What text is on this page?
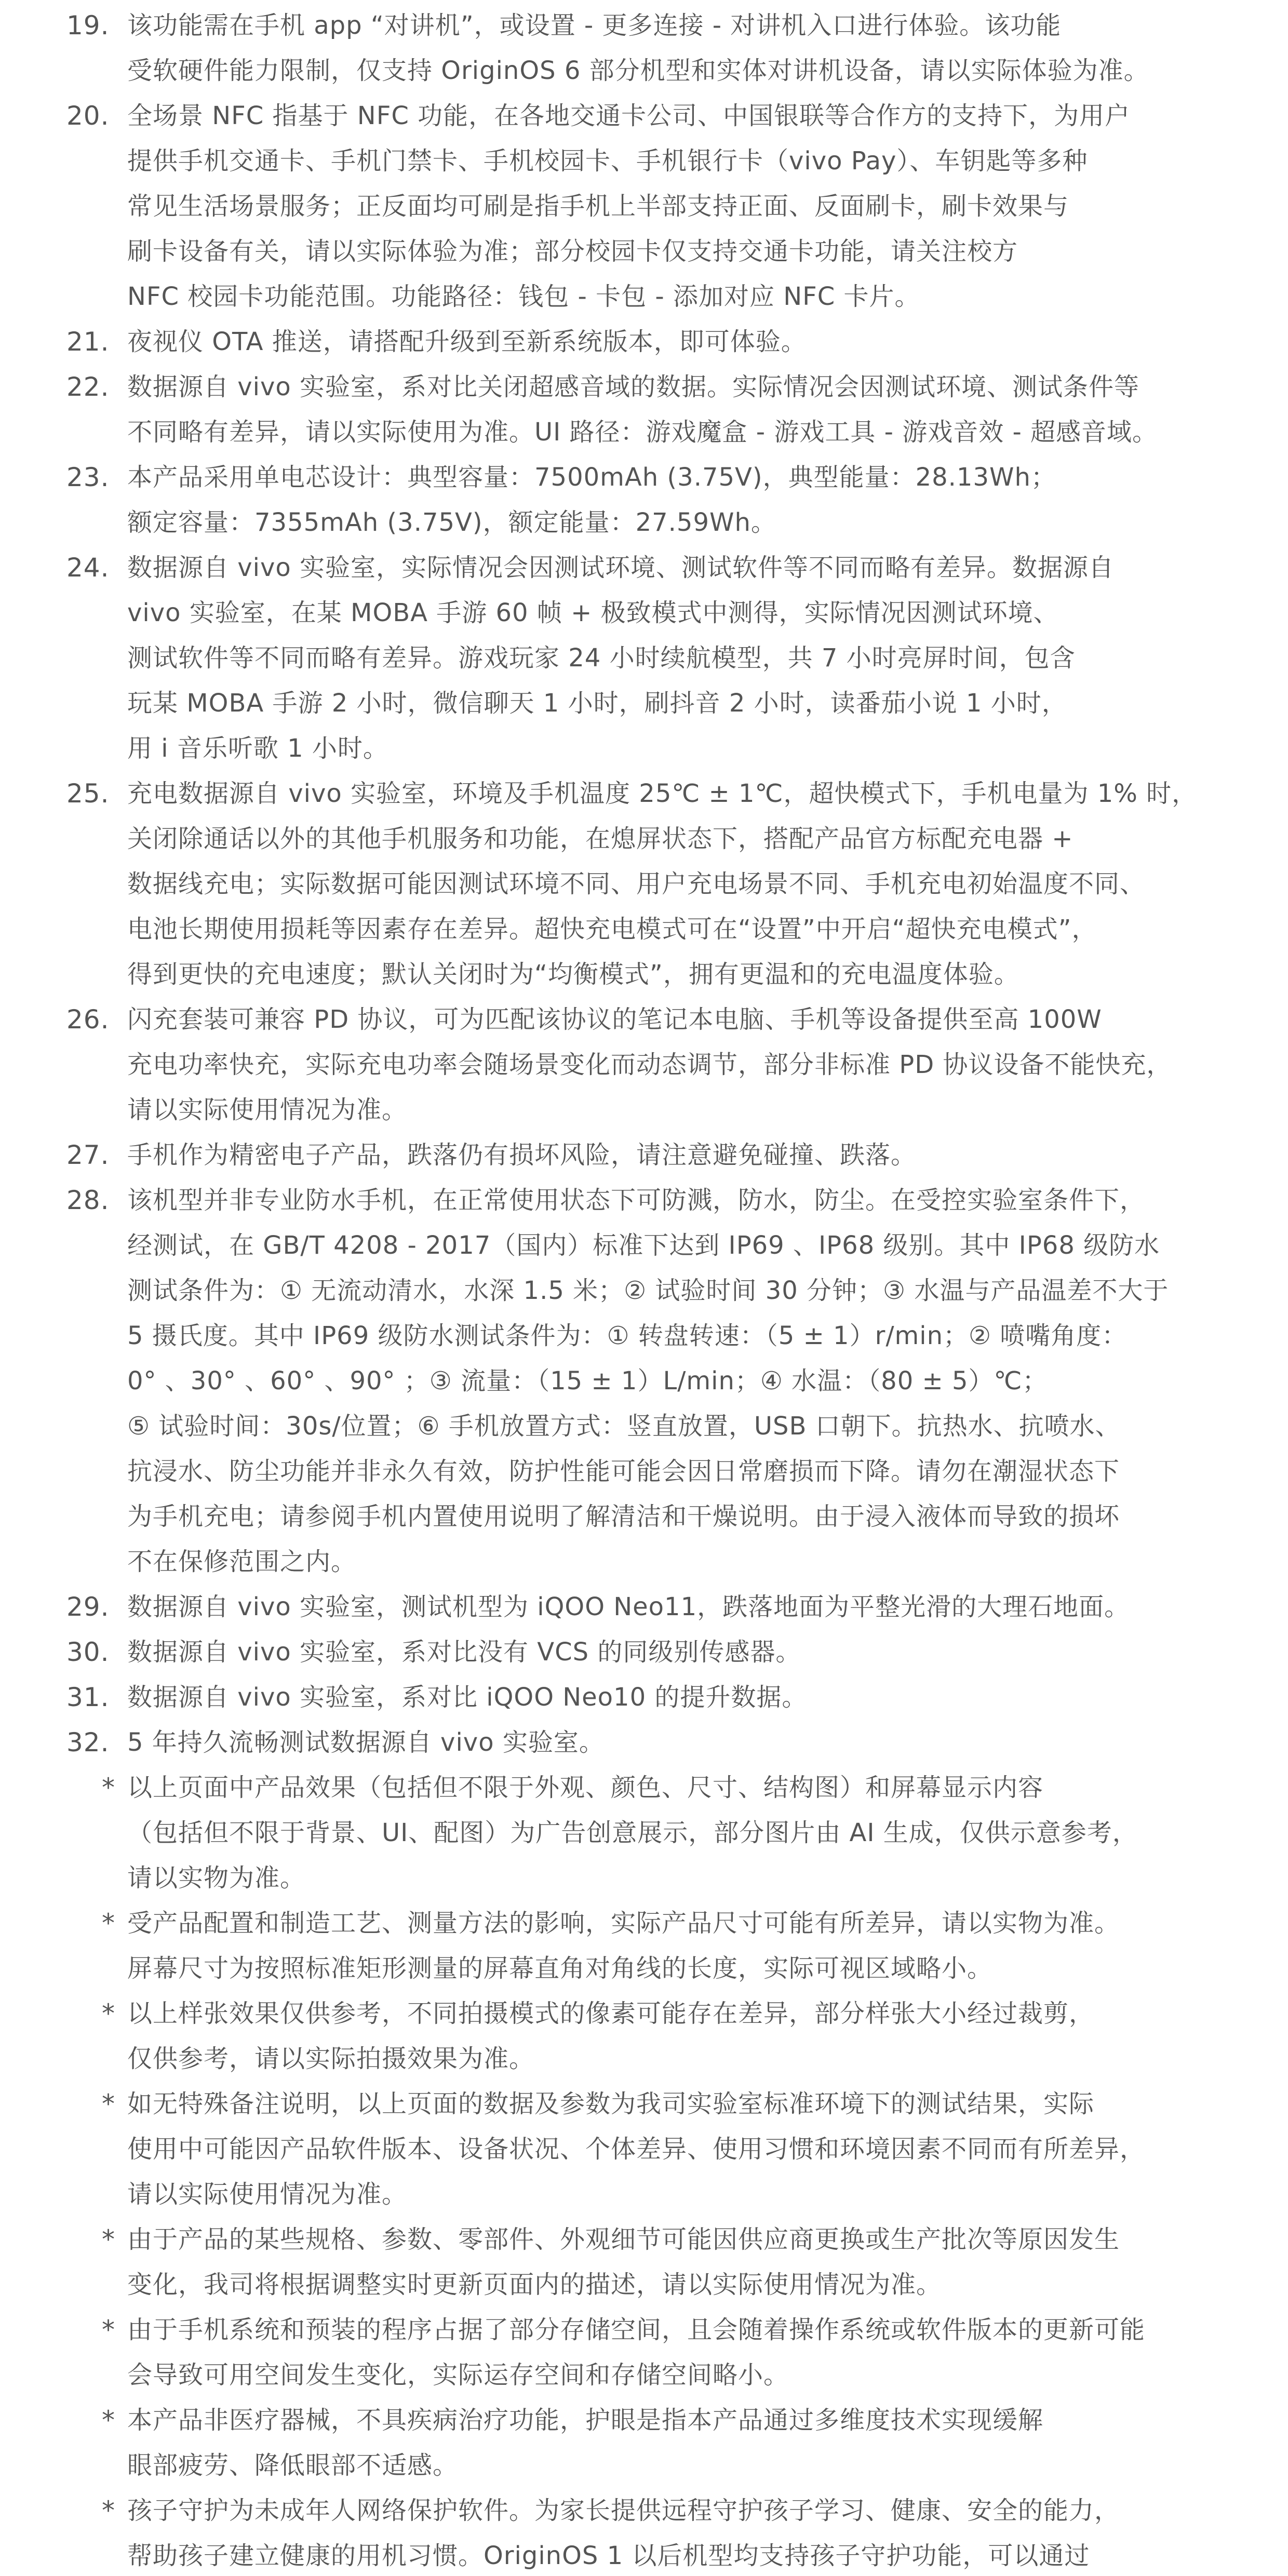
19. 该功能需在手机 app “对讲机”，或设置 - 更多连接 - 对讲机入口进行体验。该功能
受软硬件能力限制，仅支持 OriginOS 6 部分机型和实体对讲机设备，请以实际体验为准。
20. 全场景 NFC 指基于 NFC 功能，在各地交通卡公司、中国银联等合作方的支持下，为用户
提供手机交通卡、手机门禁卡、手机校园卡、手机银行卡（vivo Pay）、车钥匙等多种
常见生活场景服务；正反面均可刷是指手机上半部支持正面、反面刷卡，刷卡效果与
刷卡设备有关，请以实际体验为准；部分校园卡仅支持交通卡功能，请关注校方
NFC 校园卡功能范围。功能路径：钱包 - 卡包 - 添加对应 NFC 卡片。
21. 夜视仪 OTA 推送，请搭配升级到至新系统版本，即可体验。
22. 数据源自 vivo 实验室，系对比关闭超感音域的数据。实际情况会因测试环境、测试条件等
不同略有差异，请以实际使用为准。UI 路径：游戏魔盒 - 游戏工具 - 游戏音效 - 超感音域。
23. 本产品采用单电芯设计：典型容量：7500mAh (3.75V)，典型能量：28.13Wh；
额定容量：7355mAh (3.75V)，额定能量：27.59Wh。
24. 数据源自 vivo 实验室，实际情况会因测试环境、测试软件等不同而略有差异。数据源自
vivo 实验室，在某 MOBA 手游 60 帧 + 极致模式中测得，实际情况因测试环境、
测试软件等不同而略有差异。游戏玩家 24 小时续航模型，共 7 小时亮屏时间，包含
玩某 MOBA 手游 2 小时，微信聊天 1 小时，刷抖音 2 小时，读番茄小说 1 小时，
用 i 音乐听歌 1 小时。
25. 充电数据源自 vivo 实验室，环境及手机温度 25℃ ± 1℃，超快模式下，手机电量为 1% 时，
关闭除通话以外的其他手机服务和功能，在熄屏状态下，搭配产品官方标配充电器 +
数据线充电；实际数据可能因测试环境不同、用户充电场景不同、手机充电初始温度不同、
电池长期使用损耗等因素存在差异。超快充电模式可在“设置”中开启“超快充电模式”，
得到更快的充电速度；默认关闭时为“均衡模式”，拥有更温和的充电温度体验。
26. 闪充套装可兼容 PD 协议，可为匹配该协议的笔记本电脑、手机等设备提供至高 100W
充电功率快充，实际充电功率会随场景变化而动态调节，部分非标准 PD 协议设备不能快充，
请以实际使用情况为准。
27. 手机作为精密电子产品，跌落仍有损坏风险，请注意避免碰撞、跌落。
28. 该机型并非专业防水手机，在正常使用状态下可防溅，防水，防尘。在受控实验室条件下，
经测试，在 GB/T 4208 - 2017（国内）标准下达到 IP69 、IP68 级别。其中 IP68 级防水
测试条件为：① 无流动清水，水深 1.5 米；② 试验时间 30 分钟；③ 水温与产品温差不大于
5 摄氏度。其中 IP69 级防水测试条件为：① 转盘转速：（5 ± 1）r/min；② 喷嘴角度：
0° 、30° 、60° 、90° ；③ 流量：（15 ± 1）L/min；④ 水温：（80 ± 5）℃；
⑤ 试验时间：30s/位置；⑥ 手机放置方式：竖直放置，USB 口朝下。抗热水、抗喷水、
抗浸水、防尘功能并非永久有效，防护性能可能会因日常磨损而下降。请勿在潮湿状态下
为手机充电；请参阅手机内置使用说明了解清洁和干燥说明。由于浸入液体而导致的损坏
不在保修范围之内。
29. 数据源自 vivo 实验室，测试机型为 iQOO Neo11，跌落地面为平整光滑的大理石地面。
30. 数据源自 vivo 实验室，系对比没有 VCS 的同级别传感器。
31. 数据源自 vivo 实验室，系对比 iQOO Neo10 的提升数据。
32. 5 年持久流畅测试数据源自 vivo 实验室。
* 以上页面中产品效果（包括但不限于外观、颜色、尺寸、结构图）和屏幕显示内容
（包括但不限于背景、UI、配图）为广告创意展示，部分图片由 AI 生成，仅供示意参考，
请以实物为准。
* 受产品配置和制造工艺、测量方法的影响，实际产品尺寸可能有所差异，请以实物为准。
屏幕尺寸为按照标准矩形测量的屏幕直角对角线的长度，实际可视区域略小。
* 以上样张效果仅供参考，不同拍摄模式的像素可能存在差异，部分样张大小经过裁剪，
仅供参考，请以实际拍摄效果为准。
* 如无特殊备注说明，以上页面的数据及参数为我司实验室标准环境下的测试结果，实际
使用中可能因产品软件版本、设备状况、个体差异、使用习惯和环境因素不同而有所差异，
请以实际使用情况为准。
* 由于产品的某些规格、参数、零部件、外观细节可能因供应商更换或生产批次等原因发生
变化，我司将根据调整实时更新页面内的描述，请以实际使用情况为准。
* 由于手机系统和预装的程序占据了部分存储空间，且会随着操作系统或软件版本的更新可能
会导致可用空间发生变化，实际运存空间和存储空间略小。
* 本产品非医疗器械，不具疾病治疗功能，护眼是指本产品通过多维度技术实现缓解
眼部疲劳、降低眼部不适感。
* 孩子守护为未成年人网络保护软件。为家长提供远程守护孩子学习、健康、安全的能力，
帮助孩子建立健康的用机习惯。OriginOS 1 以后机型均支持孩子守护功能，可以通过
